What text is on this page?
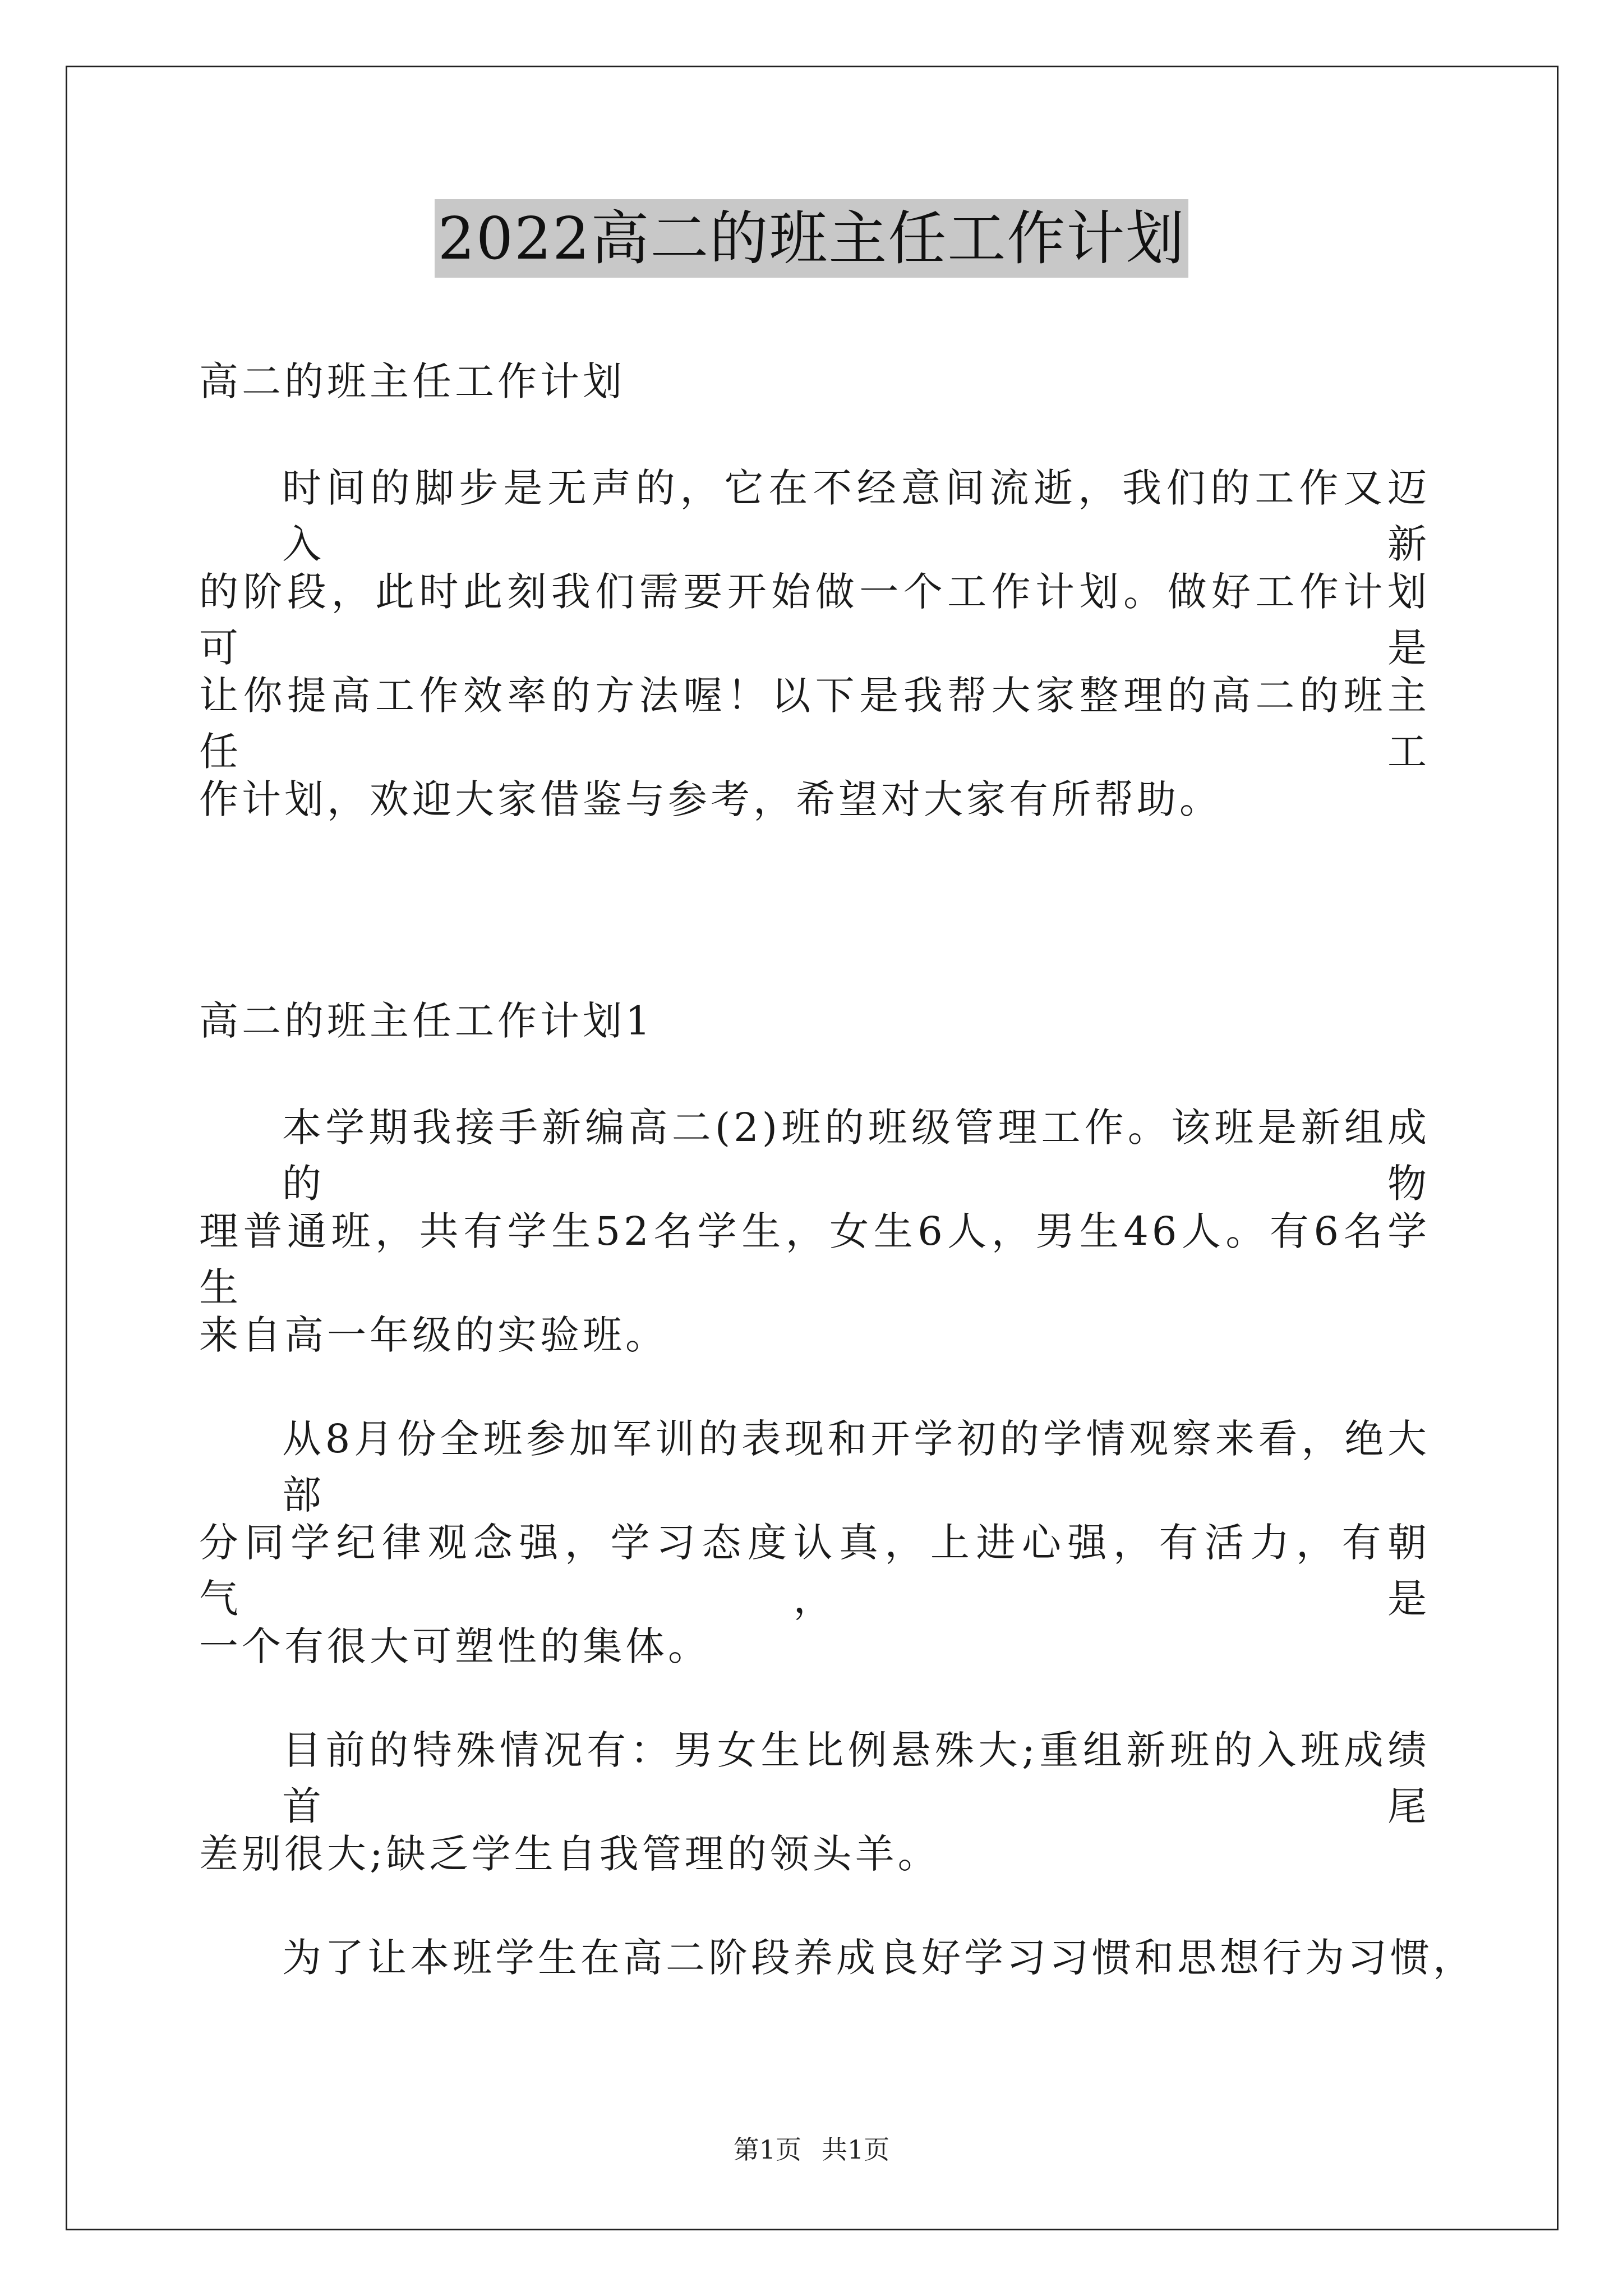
2022高二的班主任工作计划
高二的班主任工作计划
时间的脚步是无声的，它在不经意间流逝，我们的工作又迈入新
的阶段，此时此刻我们需要开始做一个工作计划。做好工作计划可是
让你提高工作效率的方法喔！以下是我帮大家整理的高二的班主任工
作计划，欢迎大家借鉴与参考，希望对大家有所帮助。
高二的班主任工作计划1
本学期我接手新编高二(2)班的班级管理工作。该班是新组成的物
理普通班，共有学生52名学生，女生6人，男生46人。有6名学生
来自高一年级的实验班。
从8月份全班参加军训的表现和开学初的学情观察来看，绝大部
分同学纪律观念强，学习态度认真，上进心强，有活力，有朝气，是
一个有很大可塑性的集体。
目前的特殊情况有：男女生比例悬殊大;重组新班的入班成绩首尾
差别很大;缺乏学生自我管理的领头羊。
为了让本班学生在高二阶段养成良好学习习惯和思想行为习惯，
第1页 共1页
